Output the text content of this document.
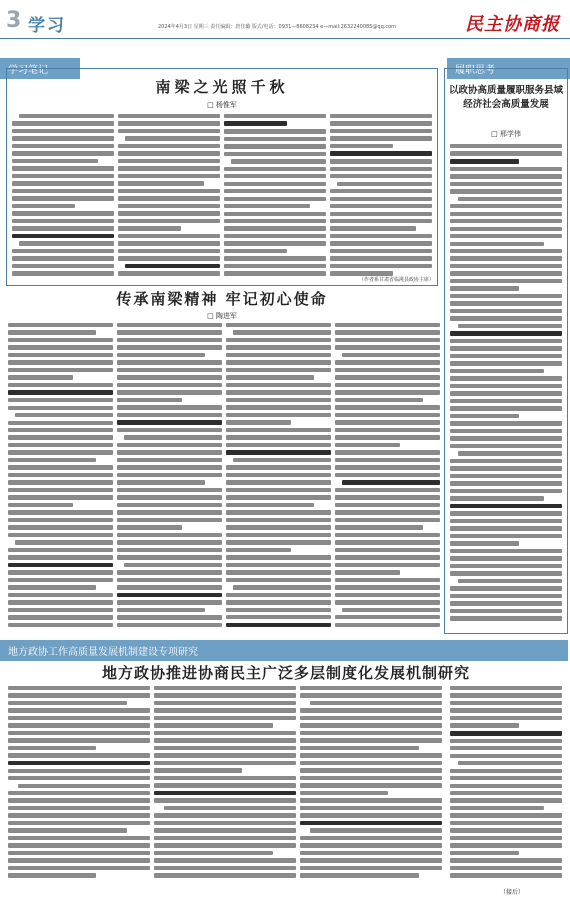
3 学习	2024年4月3日 星期三 责任编辑：唐佳璐 版式/电话：0931—8608234 e—mail:2632240085@qq.com	民主协商报
学习笔记	履职思考
地方政协工作高质量发展机制建设专项研究
南梁之光照千秋
□ 杨惟军
（作者系甘肃省临洮县政协主席）
传承南梁精神 牢记初心使命
□ 陶进军
以政协高质量履职服务县域经济社会高质量发展
□ 邢学伟
地方政协推进协商民主广泛多层制度化发展机制研究
（接后）
